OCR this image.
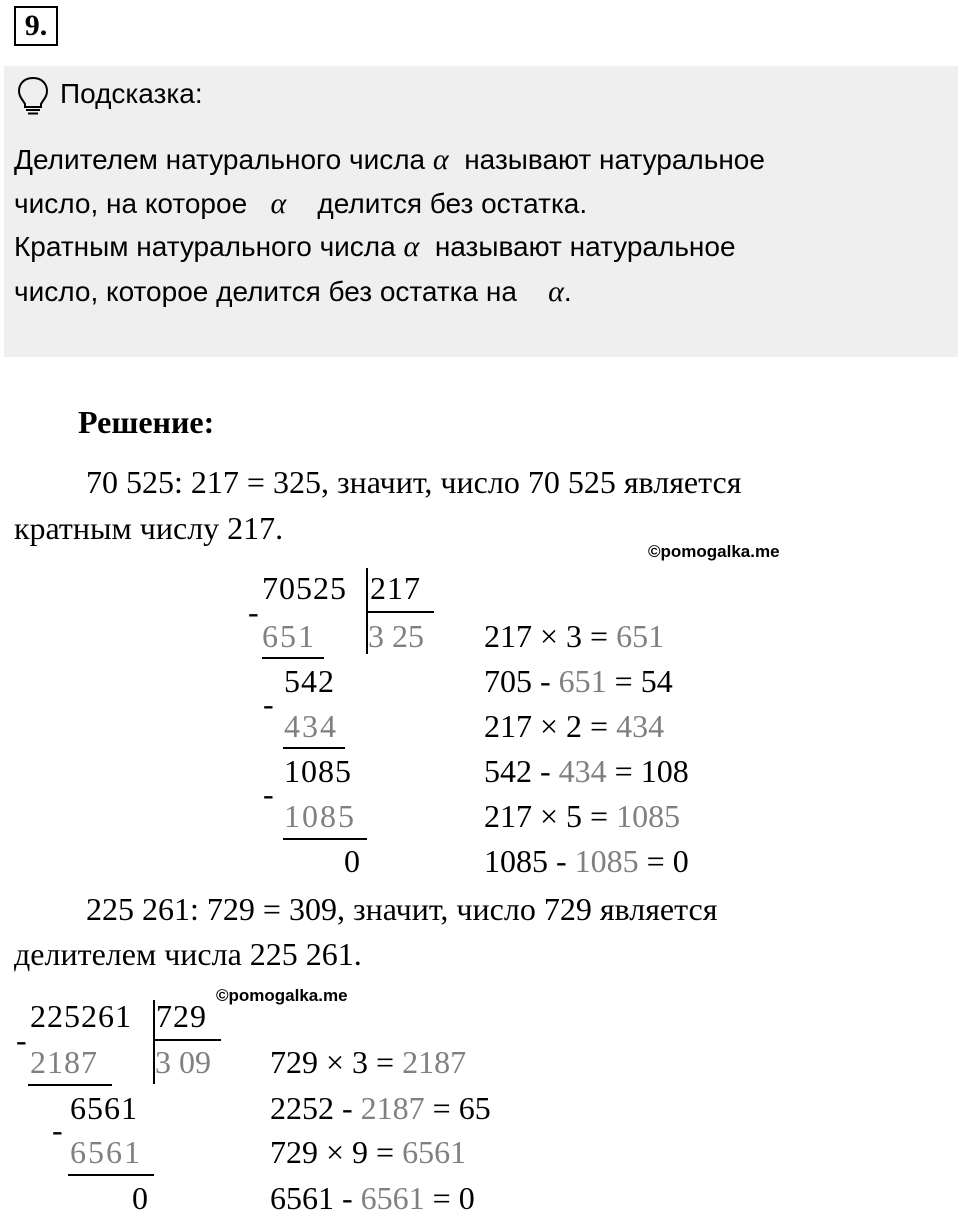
9.
Подсказка:
Делителем натурального числа α называют натуральное
число, на которое α делится без остатка.
Кратным натурального числа α называют натуральное
число, которое делится без остатка на α.
Решение:
70 525: 217 = 325, значит, число 70 525 является
кратным числу 217.
©pomogalka.me
70525 217
3 25
-
651
542
-
434
1085
-
1085
0
217 × 3 = 651
705 - 651 = 54
217 × 2 = 434
542 - 434 = 108
217 × 5 = 1085
1085 - 1085 = 0
225 261: 729 = 309, значит, число 729 является
делителем числа 225 261.
©pomogalka.me
225261 729
3 09
-
2187
6561
-
6561
0
729 × 3 = 2187
2252 - 2187 = 65
729 × 9 = 6561
6561 - 6561 = 0
